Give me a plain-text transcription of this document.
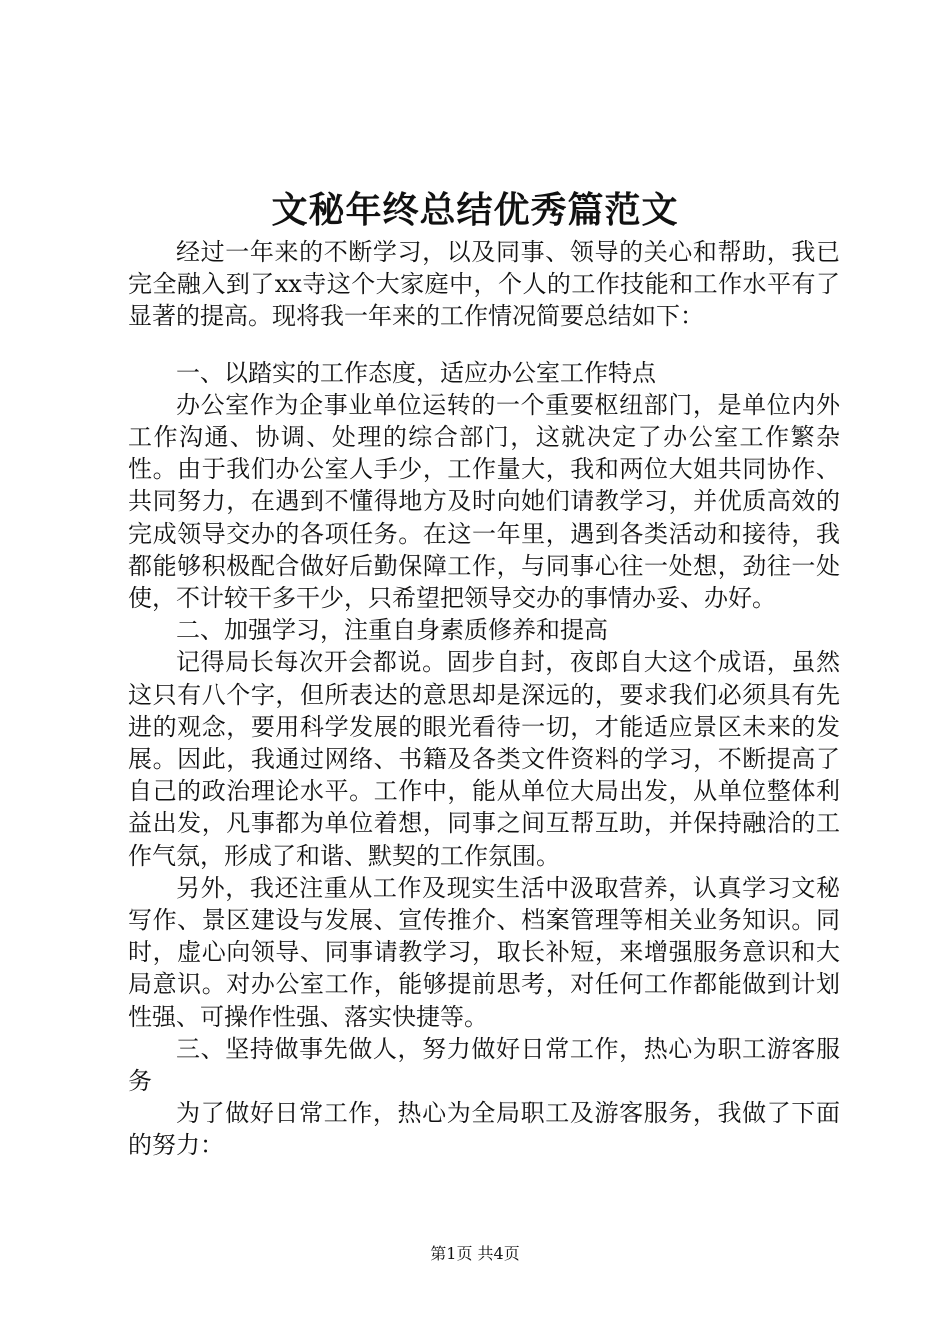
文秘年终总结优秀篇范文

经过一年来的不断学习，以及同事、领导的关心和帮助，我已完全融入到了xx寺这个大家庭中，个人的工作技能和工作水平有了显著的提高。现将我一年来的工作情况简要总结如下：

一、以踏实的工作态度，适应办公室工作特点

办公室作为企事业单位运转的一个重要枢纽部门，是单位内外工作沟通、协调、处理的综合部门，这就决定了办公室工作繁杂性。由于我们办公室人手少，工作量大，我和两位大姐共同协作、共同努力，在遇到不懂得地方及时向她们请教学习，并优质高效的完成领导交办的各项任务。在这一年里，遇到各类活动和接待，我都能够积极配合做好后勤保障工作，与同事心往一处想，劲往一处使，不计较干多干少，只希望把领导交办的事情办妥、办好。

二、加强学习，注重自身素质修养和提高

记得局长每次开会都说。固步自封，夜郎自大这个成语，虽然这只有八个字，但所表达的意思却是深远的，要求我们必须具有先进的观念，要用科学发展的眼光看待一切，才能适应景区未来的发展。因此，我通过网络、书籍及各类文件资料的学习，不断提高了自己的政治理论水平。工作中，能从单位大局出发，从单位整体利益出发，凡事都为单位着想，同事之间互帮互助，并保持融洽的工作气氛，形成了和谐、默契的工作氛围。

另外，我还注重从工作及现实生活中汲取营养，认真学习文秘写作、景区建设与发展、宣传推介、档案管理等相关业务知识。同时，虚心向领导、同事请教学习，取长补短，来增强服务意识和大局意识。对办公室工作，能够提前思考，对任何工作都能做到计划性强、可操作性强、落实快捷等。

三、坚持做事先做人，努力做好日常工作，热心为职工游客服务

为了做好日常工作，热心为全局职工及游客服务，我做了下面的努力：

第1页 共4页
